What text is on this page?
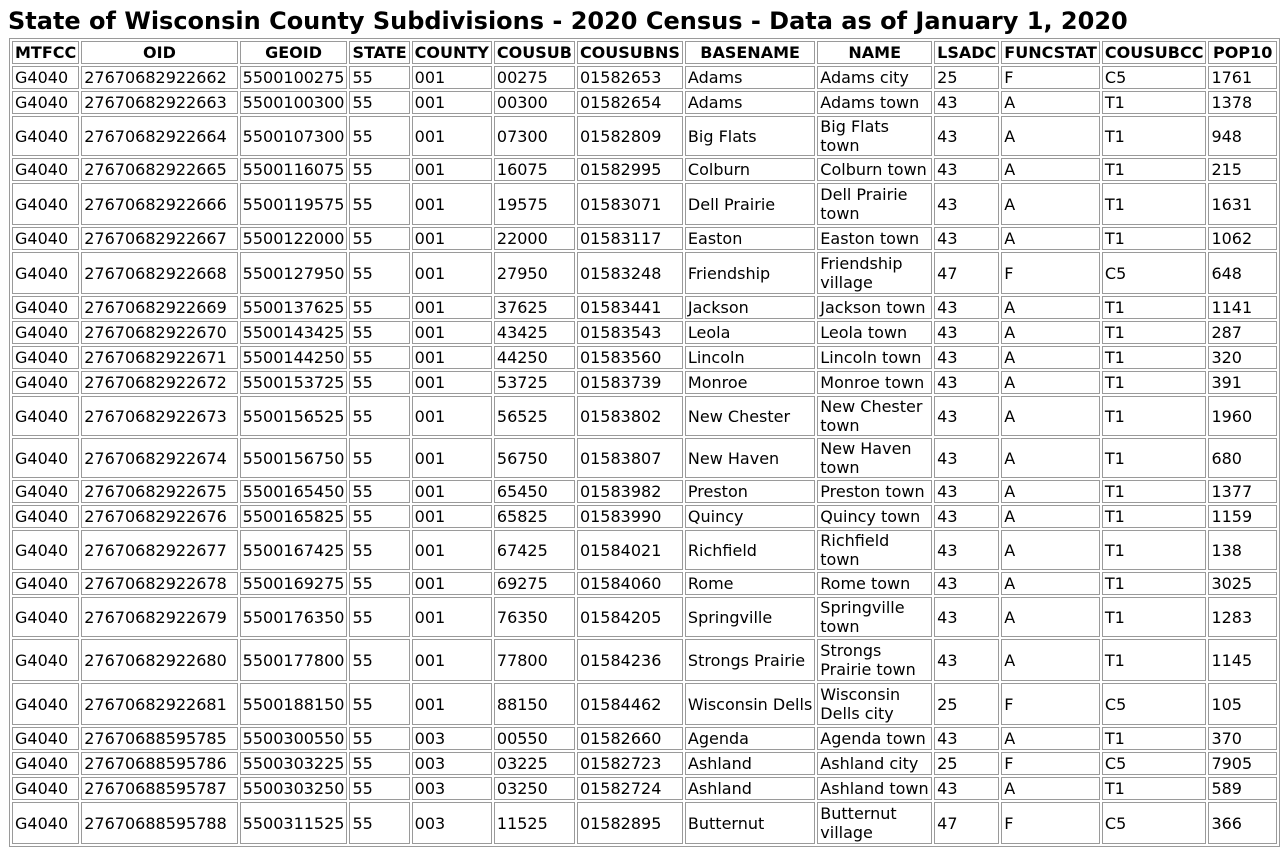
State of Wisconsin County Subdivisions - 2020 Census - Data as of January 1, 2020
MTFCC	OID	GEOID	STATE	COUNTY	COUSUB	COUSUBNS	BASENAME	NAME	LSADC	FUNCSTAT	COUSUBCC	POP10
G4040	27670682922662	5500100275	55	001	00275	01582653	Adams	Adams city	25	F	C5	1761
G4040	27670682922663	5500100300	55	001	00300	01582654	Adams	Adams town	43	A	T1	1378
G4040	27670682922664	5500107300	55	001	07300	01582809	Big Flats	Big Flats town	43	A	T1	948
G4040	27670682922665	5500116075	55	001	16075	01582995	Colburn	Colburn town	43	A	T1	215
G4040	27670682922666	5500119575	55	001	19575	01583071	Dell Prairie	Dell Prairie town	43	A	T1	1631
G4040	27670682922667	5500122000	55	001	22000	01583117	Easton	Easton town	43	A	T1	1062
G4040	27670682922668	5500127950	55	001	27950	01583248	Friendship	Friendship village	47	F	C5	648
G4040	27670682922669	5500137625	55	001	37625	01583441	Jackson	Jackson town	43	A	T1	1141
G4040	27670682922670	5500143425	55	001	43425	01583543	Leola	Leola town	43	A	T1	287
G4040	27670682922671	5500144250	55	001	44250	01583560	Lincoln	Lincoln town	43	A	T1	320
G4040	27670682922672	5500153725	55	001	53725	01583739	Monroe	Monroe town	43	A	T1	391
G4040	27670682922673	5500156525	55	001	56525	01583802	New Chester	New Chester town	43	A	T1	1960
G4040	27670682922674	5500156750	55	001	56750	01583807	New Haven	New Haven town	43	A	T1	680
G4040	27670682922675	5500165450	55	001	65450	01583982	Preston	Preston town	43	A	T1	1377
G4040	27670682922676	5500165825	55	001	65825	01583990	Quincy	Quincy town	43	A	T1	1159
G4040	27670682922677	5500167425	55	001	67425	01584021	Richfield	Richfield town	43	A	T1	138
G4040	27670682922678	5500169275	55	001	69275	01584060	Rome	Rome town	43	A	T1	3025
G4040	27670682922679	5500176350	55	001	76350	01584205	Springville	Springville town	43	A	T1	1283
G4040	27670682922680	5500177800	55	001	77800	01584236	Strongs Prairie	Strongs Prairie town	43	A	T1	1145
G4040	27670682922681	5500188150	55	001	88150	01584462	Wisconsin Dells	Wisconsin Dells city	25	F	C5	105
G4040	27670688595785	5500300550	55	003	00550	01582660	Agenda	Agenda town	43	A	T1	370
G4040	27670688595786	5500303225	55	003	03225	01582723	Ashland	Ashland city	25	F	C5	7905
G4040	27670688595787	5500303250	55	003	03250	01582724	Ashland	Ashland town	43	A	T1	589
G4040	27670688595788	5500311525	55	003	11525	01582895	Butternut	Butternut village	47	F	C5	366
